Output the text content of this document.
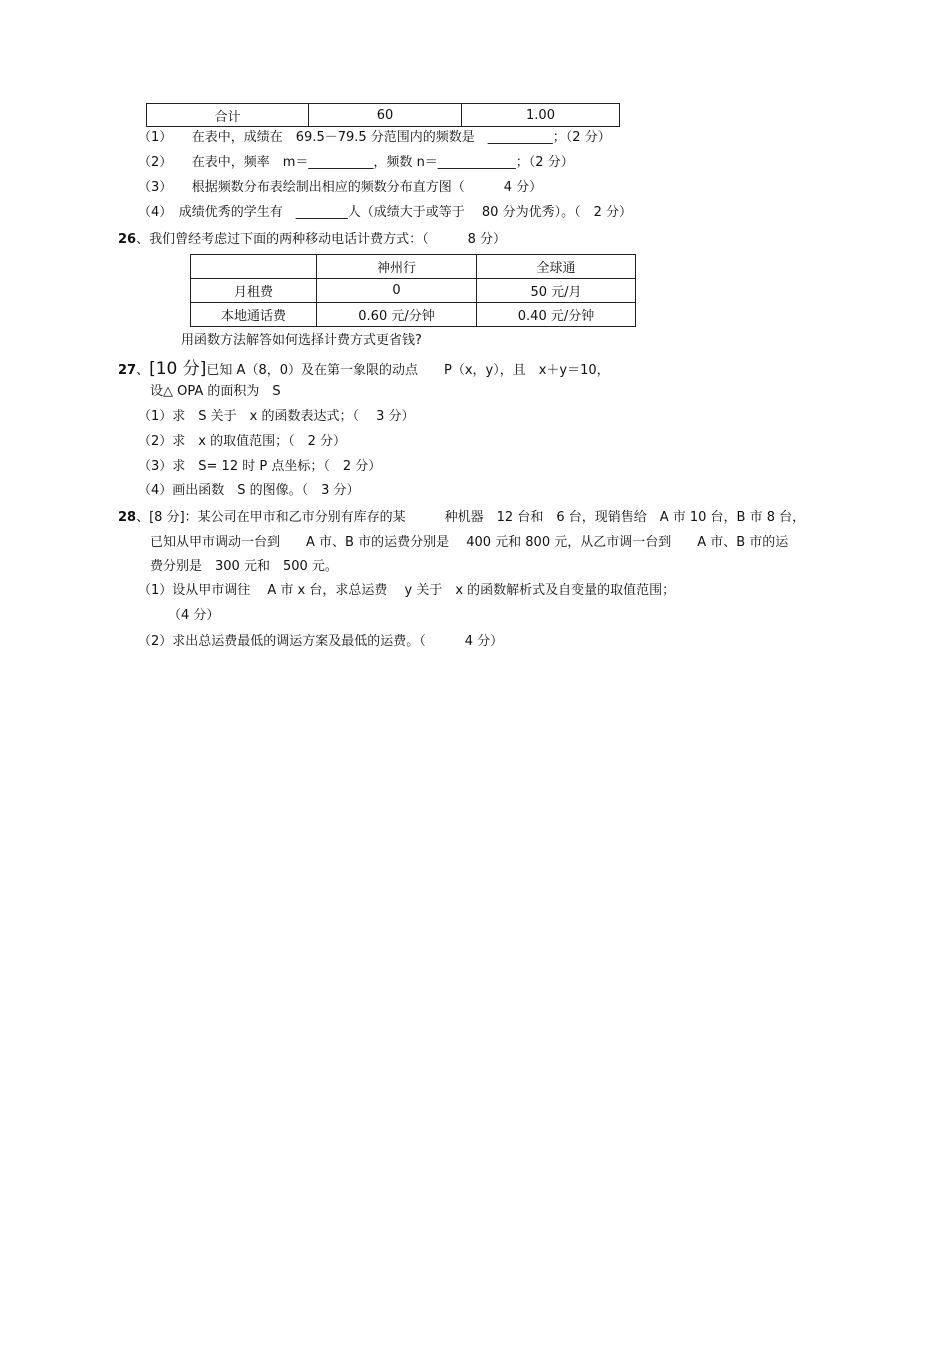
合计	60	1.00
（1）　　在表中，成绩在　69.5－79.5 分范围内的频数是　__________；（2 分）
（2）　　在表中，频率　m＝__________，频数 n＝____________；（2 分）
（3）　　根据频数分布表绘制出相应的频数分布直方图（　　　4 分）
（4）　成绩优秀的学生有　________人（成绩大于或等于　 80 分为优秀）。（　2 分）
26、我们曾经考虑过下面的两种移动电话计费方式：（　　　8 分）
	神州行	全球通
月租费	0	50 元/月
本地通话费	0.60 元/分钟	0.40 元/分钟
用函数方法解答如何选择计费方式更省钱?
27、[10 分]已知 A（8，0）及在第一象限的动点　　P（x，y），且　x＋y＝10，
设△ OPA 的面积为　S
（1）求　S 关于　x 的函数表达式；（　 3 分）
（2）求　x 的取值范围；（　2 分）
（3）求　S= 12 时 P 点坐标；（　2 分）
（4）画出函数　S 的图像。（　3 分）
28、[8 分]：某公司在甲市和乙市分别有库存的某　　　种机器　12 台和　6 台，现销售给　A 市 10 台，B 市 8 台，
已知从甲市调动一台到　　A 市、B 市的运费分别是　 400 元和 800 元，从乙市调一台到　　A 市、B 市的运
费分别是　300 元和　500 元。
（1）设从甲市调往　 A 市 x 台，求总运费　 y 关于　x 的函数解析式及自变量的取值范围；
（4 分）
（2）求出总运费最低的调运方案及最低的运费。（　　　4 分）
